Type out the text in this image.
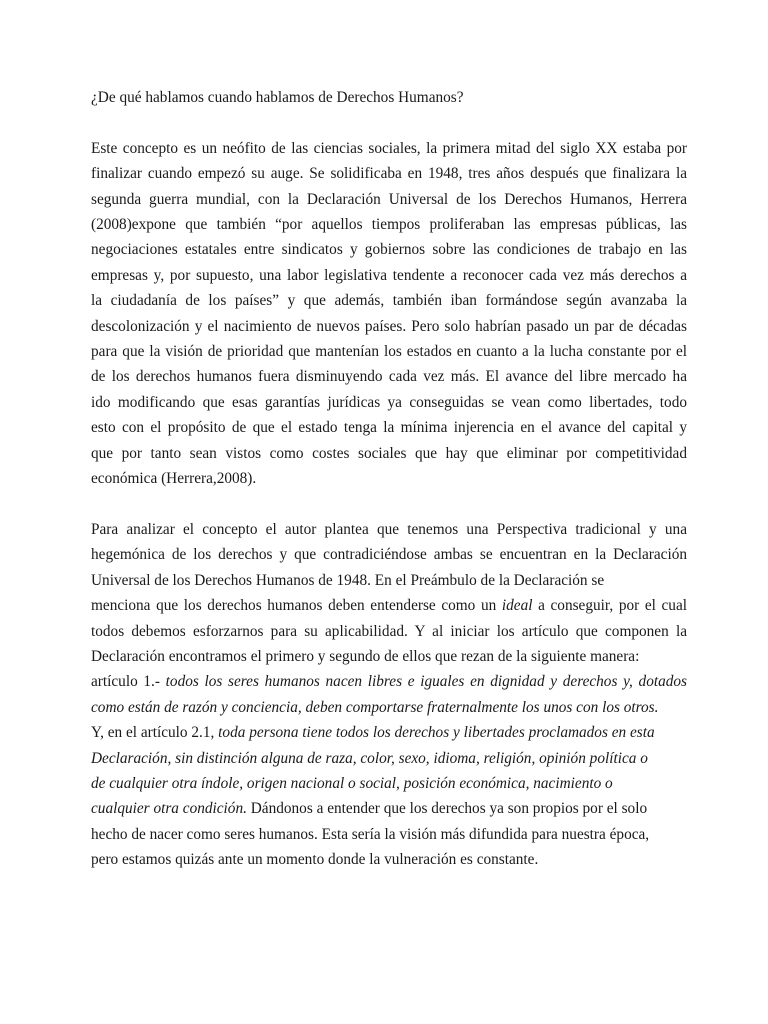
¿De qué hablamos cuando hablamos de Derechos Humanos?
Este concepto es un neófito de las ciencias sociales, la primera mitad del siglo XX estaba por
finalizar cuando empezó su auge. Se solidificaba en 1948, tres años después que finalizara la
segunda guerra mundial, con la Declaración Universal de los Derechos Humanos, Herrera
(2008)expone que también “por aquellos tiempos proliferaban las empresas públicas, las
negociaciones estatales entre sindicatos y gobiernos sobre las condiciones de trabajo en las
empresas y, por supuesto, una labor legislativa tendente a reconocer cada vez más derechos a
la ciudadanía de los países” y que además, también iban formándose según avanzaba la
descolonización y el nacimiento de nuevos países. Pero solo habrían pasado un par de décadas
para que la visión de prioridad que mantenían los estados en cuanto a la lucha constante por el
de los derechos humanos fuera disminuyendo cada vez más. El avance del libre mercado ha
ido modificando que esas garantías jurídicas ya conseguidas se vean como libertades, todo
esto con el propósito de que el estado tenga la mínima injerencia en el avance del capital y
que por tanto sean vistos como costes sociales que hay que eliminar por competitividad
económica (Herrera,2008).
Para analizar el concepto el autor plantea que tenemos una Perspectiva tradicional y una
hegemónica de los derechos y que contradiciéndose ambas se encuentran en la Declaración
Universal de los Derechos Humanos de 1948. En el Preámbulo de la Declaración se
menciona que los derechos humanos deben entenderse como un ideal a conseguir, por el cual
todos debemos esforzarnos para su aplicabilidad. Y al iniciar los artículo que componen la
Declaración encontramos el primero y segundo de ellos que rezan de la siguiente manera:
artículo 1.- todos los seres humanos nacen libres e iguales en dignidad y derechos y, dotados
como están de razón y conciencia, deben comportarse fraternalmente los unos con los otros.
Y, en el artículo 2.1, toda persona tiene todos los derechos y libertades proclamados en esta
Declaración, sin distinción alguna de raza, color, sexo, idioma, religión, opinión política o
de cualquier otra índole, origen nacional o social, posición económica, nacimiento o
cualquier otra condición. Dándonos a entender que los derechos ya son propios por el solo
hecho de nacer como seres humanos. Esta sería la visión más difundida para nuestra época,
pero estamos quizás ante un momento donde la vulneración es constante.
